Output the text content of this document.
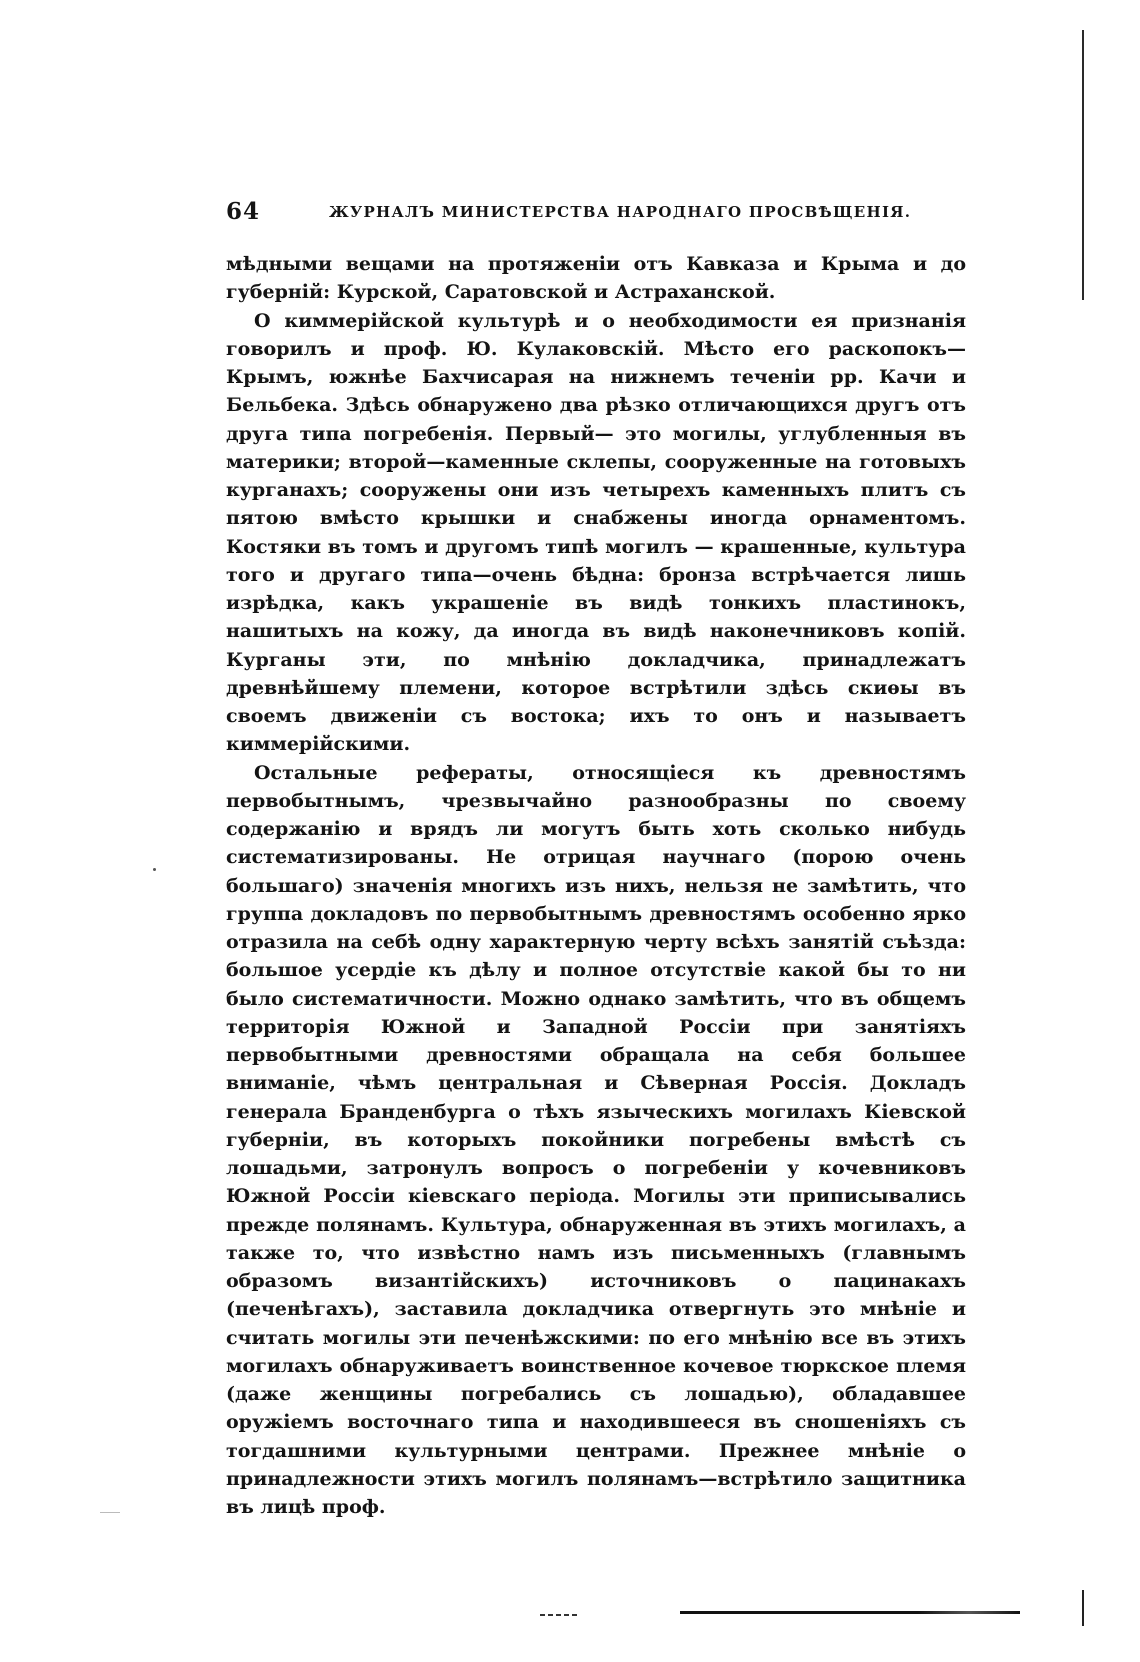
64	ЖУРНАЛЪ МИНИСТЕРСТВА НАРОДНАГО ПРОСВѢЩЕНІЯ.

мѣдными вещами на протяженіи отъ Кавказа и Крыма и до губерній: Курской, Саратовской и Астраханской.

О киммерійской культурѣ и о необходимости ея признанія говорилъ и проф. Ю. Кулаковскій. Мѣсто его раскопокъ—Крымъ, южнѣе Бахчисарая на нижнемъ теченіи рр. Качи и Бельбека. Здѣсь обнаружено два рѣзко отличающихся другъ отъ друга типа погребенія. Первый— это могилы, углубленныя въ материки; второй—каменные склепы, сооруженные на готовыхъ курганахъ; сооружены они изъ четырехъ каменныхъ плитъ съ пятою вмѣсто крышки и снабжены иногда орнаментомъ. Костяки въ томъ и другомъ типѣ могилъ — крашенные, культура того и другаго типа—очень бѣдна: бронза встрѣчается лишь изрѣдка, какъ украшеніе въ видѣ тонкихъ пластинокъ, нашитыхъ на кожу, да иногда въ видѣ наконечниковъ копій. Курганы эти, по мнѣнію докладчика, принадлежатъ древнѣйшему племени, которое встрѣтили здѣсь скиѳы въ своемъ движеніи съ востока; ихъ то онъ и называетъ киммерійскими.

Остальные рефераты, относящіеся къ древностямъ первобытнымъ, чрезвычайно разнообразны по своему содержанію и врядъ ли могутъ быть хоть сколько нибудь систематизированы. Не отрицая научнаго (порою очень большаго) значенія многихъ изъ нихъ, нельзя не замѣтить, что группа докладовъ по первобытнымъ древностямъ особенно ярко отразила на себѣ одну характерную черту всѣхъ занятій съѣзда: большое усердіе къ дѣлу и полное отсутствіе какой бы то ни было систематичности. Можно однако замѣтить, что въ общемъ территорія Южной и Западной Россіи при занятіяхъ первобытными древностями обращала на себя большее вниманіе, чѣмъ центральная и Сѣверная Россія. Докладъ генерала Бранденбурга о тѣхъ языческихъ могилахъ Кіевской губерніи, въ которыхъ покойники погребены вмѣстѣ съ лошадьми, затронулъ вопросъ о погребеніи у кочевниковъ Южной Россіи кіевскаго періода. Могилы эти приписывались прежде полянамъ. Культура, обнаруженная въ этихъ могилахъ, а также то, что извѣстно намъ изъ письменныхъ (главнымъ образомъ византійскихъ) источниковъ о пацинакахъ (печенѣгахъ), заставила докладчика отвергнуть это мнѣніе и считать могилы эти печенѣжскими: по его мнѣнію все въ этихъ могилахъ обнаруживаетъ воинственное кочевое тюркское племя (даже женщины погребались съ лошадью), обладавшее оружіемъ восточнаго типа и находившееся въ сношеніяхъ съ тогдашними культурными центрами. Прежнее мнѣніе о принадлежности этихъ могилъ полянамъ—встрѣтило защитника въ лицѣ проф.
